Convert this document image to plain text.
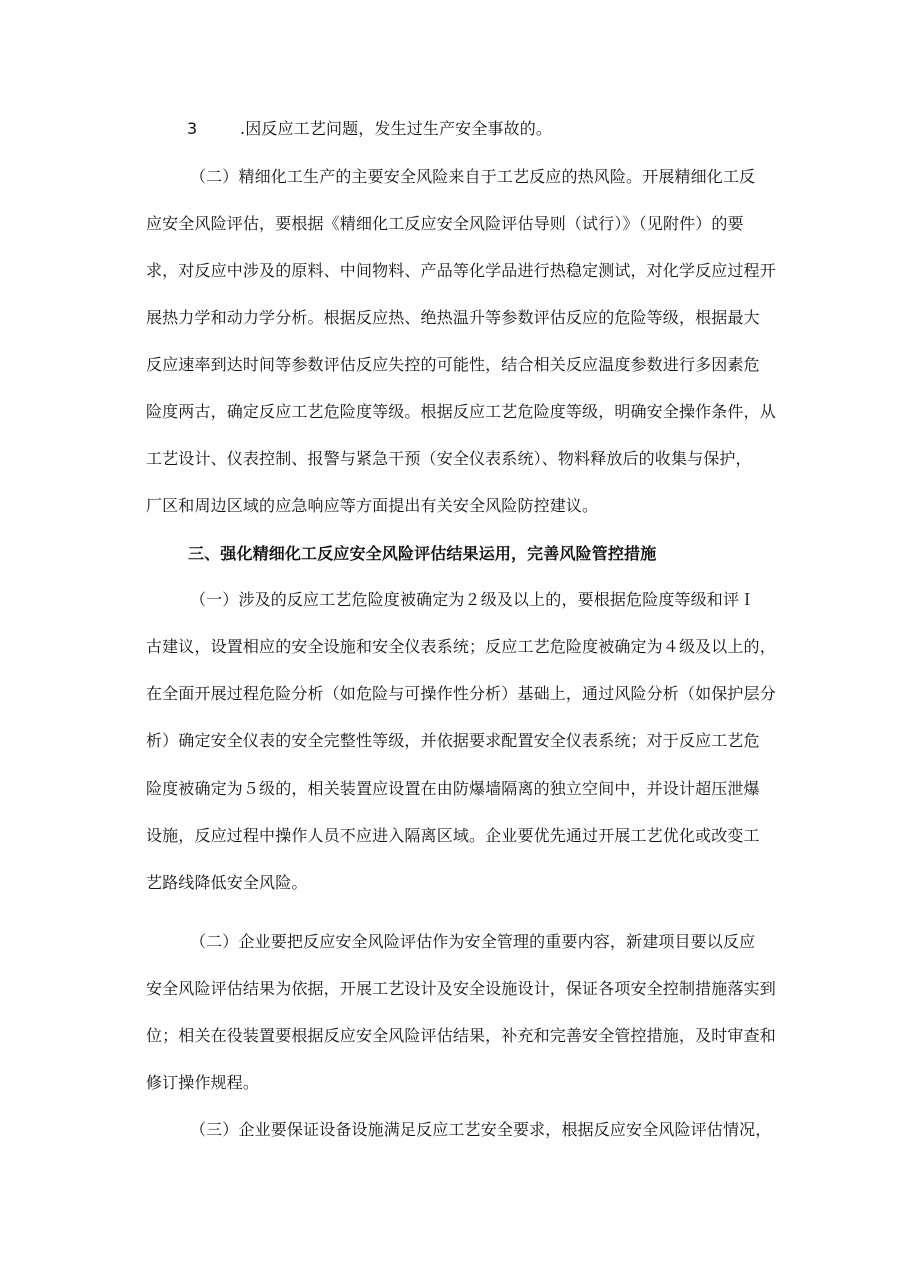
3	.因反应工艺问题，发生过生产安全事故的。
（二）精细化工生产的主要安全风险来自于工艺反应的热风险。开展精细化工反
应安全风险评估，要根据《精细化工反应安全风险评估导则（试行）》（见附件）的要
求，对反应中涉及的原料、中间物料、产品等化学品进行热稳定测试，对化学反应过程开
展热力学和动力学分析。根据反应热、绝热温升等参数评估反应的危险等级，根据最大
反应速率到达时间等参数评估反应失控的可能性，结合相关反应温度参数进行多因素危
险度两古，确定反应工艺危险度等级。根据反应工艺危险度等级，明确安全操作条件，从
工艺设计、仪表控制、报警与紧急干预（安全仪表系统）、物料释放后的收集与保护，
厂区和周边区域的应急响应等方面提出有关安全风险防控建议。
三、强化精细化工反应安全风险评估结果运用，完善风险管控措施
（一）涉及的反应工艺危险度被确定为２级及以上的，要根据危险度等级和评Ｉ
古建议，设置相应的安全设施和安全仪表系统；反应工艺危险度被确定为４级及以上的，
在全面开展过程危险分析（如危险与可操作性分析）基础上，通过风险分析（如保护层分
析）确定安全仪表的安全完整性等级，并依据要求配置安全仪表系统；对于反应工艺危
险度被确定为５级的，相关装置应设置在由防爆墙隔离的独立空间中，并设计超压泄爆
设施，反应过程中操作人员不应进入隔离区域。企业要优先通过开展工艺优化或改变工
艺路线降低安全风险。
（二）企业要把反应安全风险评估作为安全管理的重要内容，新建项目要以反应
安全风险评估结果为依据，开展工艺设计及安全设施设计，保证各项安全控制措施落实到
位；相关在役装置要根据反应安全风险评估结果，补充和完善安全管控措施，及时审查和
修订操作规程。
（三）企业要保证设备设施满足反应工艺安全要求，根据反应安全风险评估情况，
